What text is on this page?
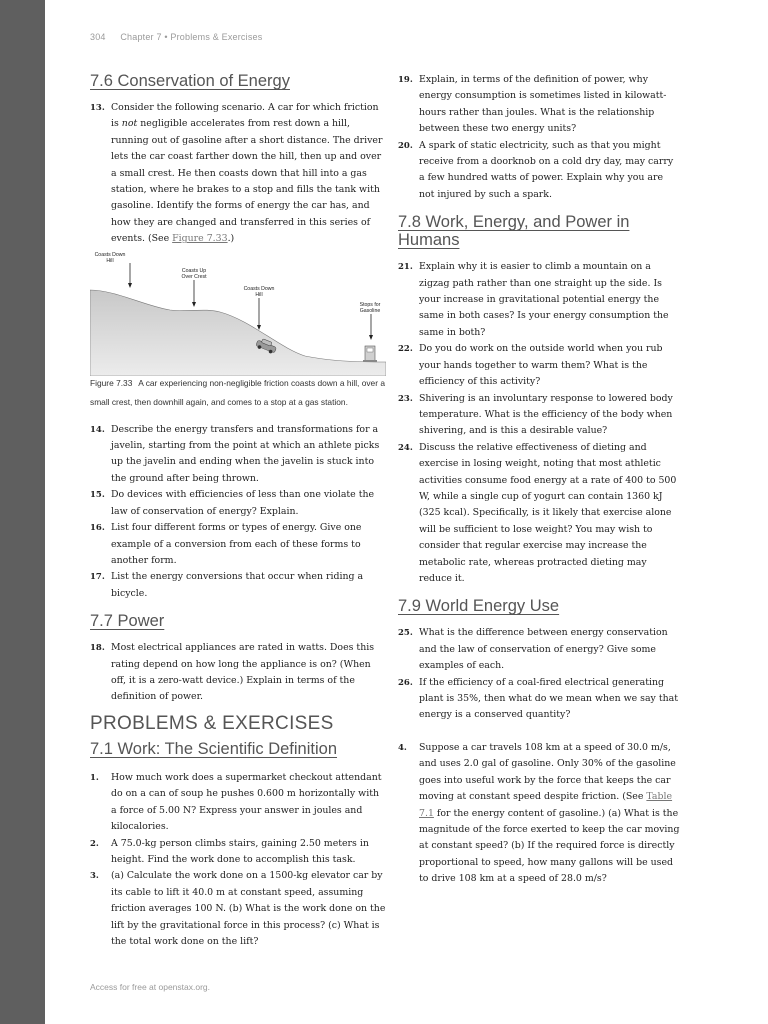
304 Chapter 7 • Problems & Exercises
7.6 Conservation of Energy

13. Consider the following scenario. A car for which friction is not negligible accelerates from rest down a hill, running out of gasoline after a short distance. The driver lets the car coast farther down the hill, then up and over a small crest. He then coasts down that hill into a gas station, where he brakes to a stop and fills the tank with gasoline. Identify the forms of energy the car has, and how they are changed and transferred in this series of events. (See Figure 7.33.)

Coasts Down
Hill
Coasts Up
Over Crest
Coasts Down
Hill
Stops for
Gasoline
Figure 7.33 A car experiencing non-negligible friction coasts down a hill, over a small crest, then downhill again, and comes to a stop at a gas station.

14. Describe the energy transfers and transformations for a javelin, starting from the point at which an athlete picks up the javelin and ending when the javelin is stuck into the ground after being thrown.

15. Do devices with efficiencies of less than one violate the law of conservation of energy? Explain.

16. List four different forms or types of energy. Give one example of a conversion from each of these forms to another form.

17. List the energy conversions that occur when riding a bicycle.

7.7 Power

18. Most electrical appliances are rated in watts. Does this rating depend on how long the appliance is on? (When off, it is a zero-watt device.) Explain in terms of the definition of power.

19. Explain, in terms of the definition of power, why energy consumption is sometimes listed in kilowatt-hours rather than joules. What is the relationship between these two energy units?

20. A spark of static electricity, such as that you might receive from a doorknob on a cold dry day, may carry a few hundred watts of power. Explain why you are not injured by such a spark.

7.8 Work, Energy, and Power in Humans

21. Explain why it is easier to climb a mountain on a zigzag path rather than one straight up the side. Is your increase in gravitational potential energy the same in both cases? Is your energy consumption the same in both?

22. Do you do work on the outside world when you rub your hands together to warm them? What is the efficiency of this activity?

23. Shivering is an involuntary response to lowered body temperature. What is the efficiency of the body when shivering, and is this a desirable value?

24. Discuss the relative effectiveness of dieting and exercise in losing weight, noting that most athletic activities consume food energy at a rate of 400 to 500 W, while a single cup of yogurt can contain 1360 kJ (325 kcal). Specifically, is it likely that exercise alone will be sufficient to lose weight? You may wish to consider that regular exercise may increase the metabolic rate, whereas protracted dieting may reduce it.

7.9 World Energy Use

25. What is the difference between energy conservation and the law of conservation of energy? Give some examples of each.

26. If the efficiency of a coal-fired electrical generating plant is 35%, then what do we mean when we say that energy is a conserved quantity?

PROBLEMS & EXERCISES
7.1 Work: The Scientific Definition

1. How much work does a supermarket checkout attendant do on a can of soup he pushes 0.600 m horizontally with a force of 5.00 N? Express your answer in joules and kilocalories.

2. A 75.0-kg person climbs stairs, gaining 2.50 meters in height. Find the work done to accomplish this task.

3. (a) Calculate the work done on a 1500-kg elevator car by its cable to lift it 40.0 m at constant speed, assuming friction averages 100 N. (b) What is the work done on the lift by the gravitational force in this process? (c) What is the total work done on the lift?

4. Suppose a car travels 108 km at a speed of 30.0 m/s, and uses 2.0 gal of gasoline. Only 30% of the gasoline goes into useful work by the force that keeps the car moving at constant speed despite friction. (See Table 7.1 for the energy content of gasoline.) (a) What is the magnitude of the force exerted to keep the car moving at constant speed? (b) If the required force is directly proportional to speed, how many gallons will be used to drive 108 km at a speed of 28.0 m/s?

Access for free at openstax.org.
